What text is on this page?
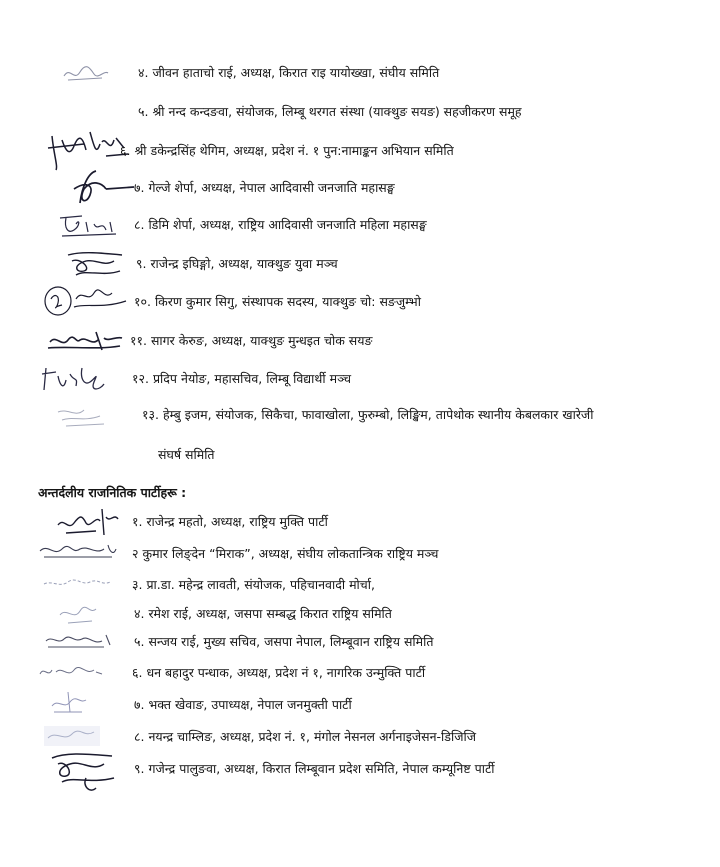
४. जीवन हाताचो राई, अध्यक्ष, किरात राइ यायोख्खा, संघीय समिति
५. श्री नन्द कन्दङवा, संयोजक, लिम्बू थरगत संस्था (याक्थुङ सयङ) सहजीकरण समूह
६. श्री डकेन्द्रसिंह थेगिम, अध्यक्ष, प्रदेश नं. १ पुन:नामाङ्कन अभियान समिति
७. गेल्जे शेर्पा, अध्यक्ष, नेपाल आदिवासी जनजाति महासङ्घ
८. डिमि शेर्पा, अध्यक्ष, राष्ट्रिय आदिवासी जनजाति महिला महासङ्घ
९. राजेन्द्र इघिङ्गो, अध्यक्ष, याक्थुङ युवा मञ्च
१०. किरण कुमार सिगु, संस्थापक सदस्य, याक्थुङ चो: सङजुम्भो
११. सागर केरुङ, अध्यक्ष, याक्थुङ मुन्धइत चोक सयङ
१२. प्रदिप नेयोङ, महासचिव, लिम्बू विद्यार्थी मञ्च
१३. हेम्बु इजम, संयोजक, सिकैचा, फावाखोला, फुरुम्बो, लिङ्खिम, तापेथोक स्थानीय केबलकार खारेजी
संघर्ष समिति
अन्तर्दलीय राजनितिक पार्टीहरू :
१. राजेन्द्र महतो, अध्यक्ष, राष्ट्रिय मुक्ति पार्टी
२ कुमार लिङ्देन “मिराक”, अध्यक्ष, संघीय लोकतान्त्रिक राष्ट्रिय मञ्च
३. प्रा.डा. महेन्द्र लावती, संयोजक, पहिचानवादी मोर्चा,
४. रमेश राई, अध्यक्ष, जसपा सम्बद्ध किरात राष्ट्रिय समिति
५. सन्जय राई, मुख्य सचिव, जसपा नेपाल, लिम्बूवान राष्ट्रिय समिति
६. धन बहादुर पन्धाक, अध्यक्ष, प्रदेश नं १, नागरिक उन्मुक्ति पार्टी
७. भक्त खेवाङ, उपाध्यक्ष, नेपाल जनमुक्ती पार्टी
८. नयन्द्र चाम्लिङ, अध्यक्ष, प्रदेश नं. १, मंगोल नेसनल अर्गनाइजेसन-डिजिजि
९. गजेन्द्र पालुङवा, अध्यक्ष, किरात लिम्बूवान प्रदेश समिति, नेपाल कम्यूनिष्ट पार्टी
